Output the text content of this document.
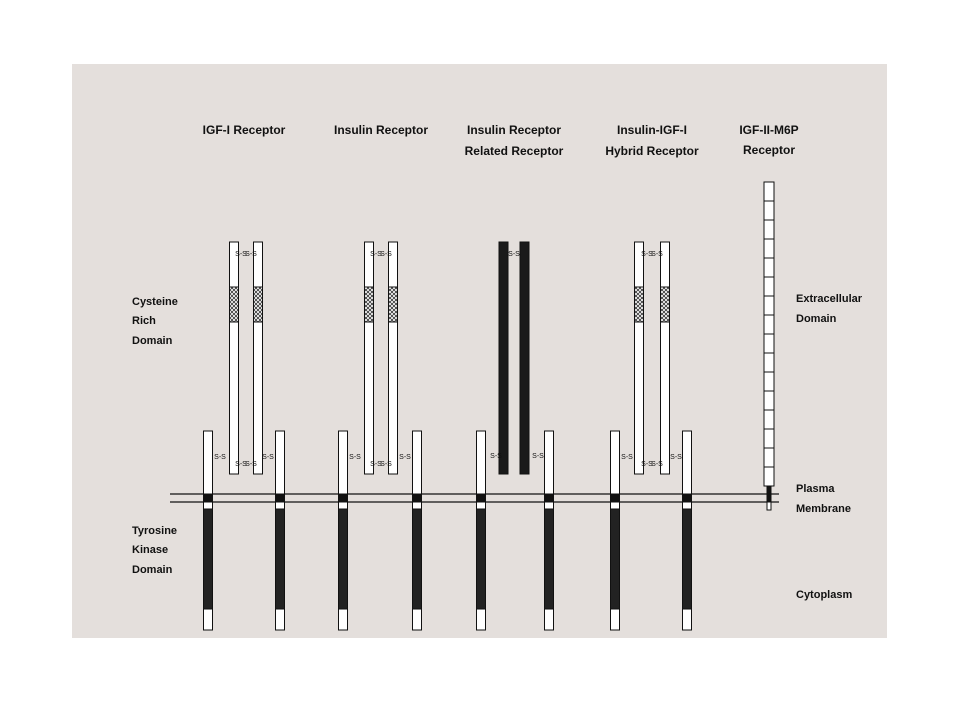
IGF-I Receptor	Insulin Receptor	Insulin Receptor
Related Receptor
Insulin-IGF-I
Hybrid Receptor
IGF-II-M6P
Receptor
Cysteine
Rich
Domain
Tyrosine
Kinase
Domain
Extracellular
Domain
Plasma
Membrane
Cytoplasm
S-S
S-S
S-S
S-S
S-S	S-S
S-S
S-S
S-S
S-S
S-S	S-S
S-S
S-S	S-S
S-S
S-S
S-S
S-S
S-S	S-S
